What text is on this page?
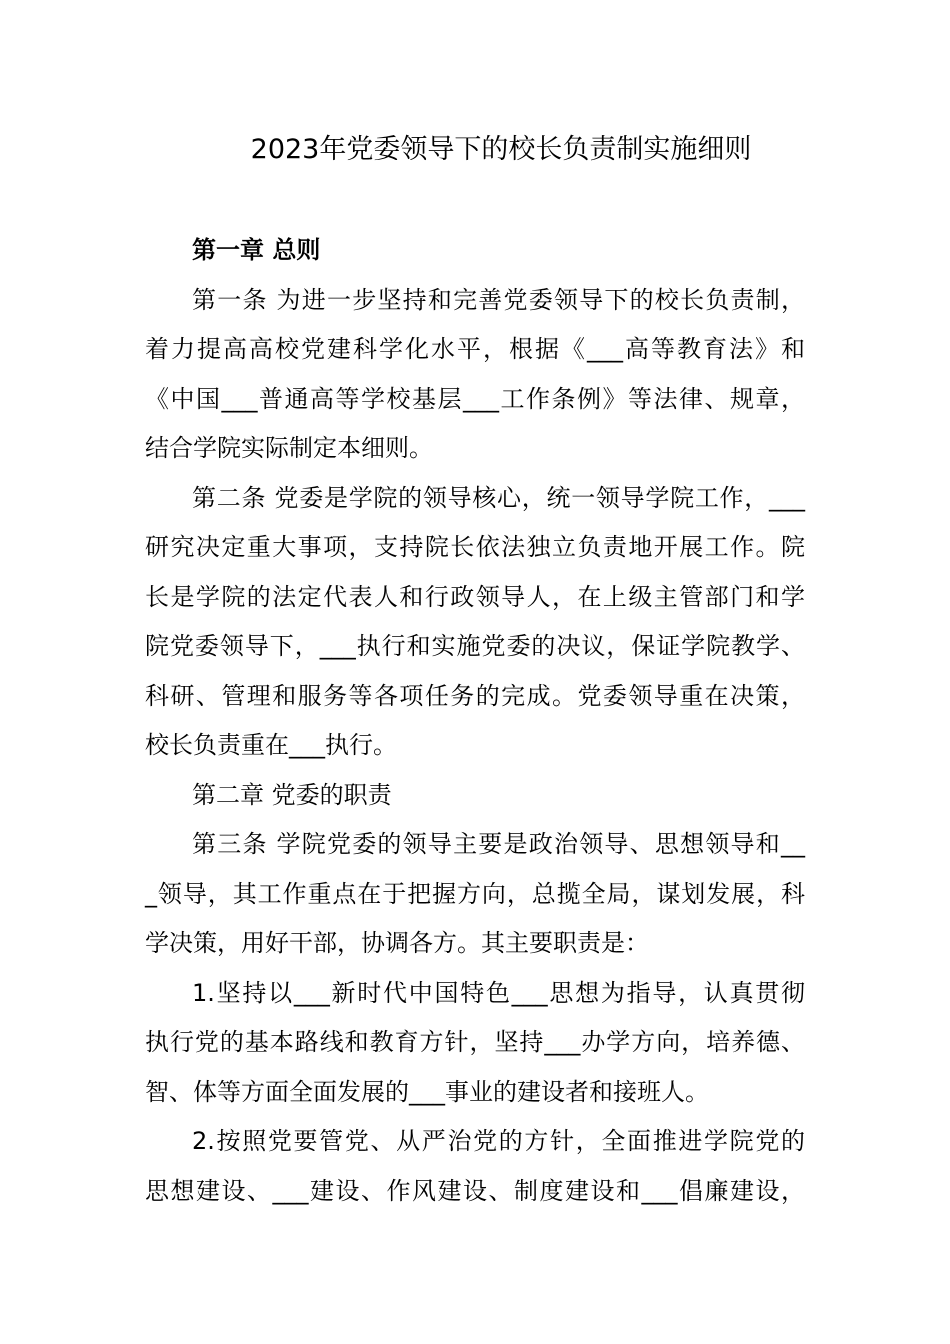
2023年党委领导下的校长负责制实施细则
第一章 总则
第一条 为进一步坚持和完善党委领导下的校长负责制，
着力提高高校党建科学化水平，根据《___高等教育法》和
《中国___普通高等学校基层___工作条例》等法律、规章，
结合学院实际制定本细则。
第二条 党委是学院的领导核心，统一领导学院工作，___
研究决定重大事项，支持院长依法独立负责地开展工作。院
长是学院的法定代表人和行政领导人，在上级主管部门和学
院党委领导下，___执行和实施党委的决议，保证学院教学、
科研、管理和服务等各项任务的完成。党委领导重在决策，
校长负责重在___执行。
第二章 党委的职责
第三条 学院党委的领导主要是政治领导、思想领导和__
_领导，其工作重点在于把握方向，总揽全局，谋划发展，科
学决策，用好干部，协调各方。其主要职责是：
1.坚持以___新时代中国特色___思想为指导，认真贯彻
执行党的基本路线和教育方针，坚持___办学方向，培养德、
智、体等方面全面发展的___事业的建设者和接班人。
2.按照党要管党、从严治党的方针，全面推进学院党的
思想建设、___建设、作风建设、制度建设和___倡廉建设，
